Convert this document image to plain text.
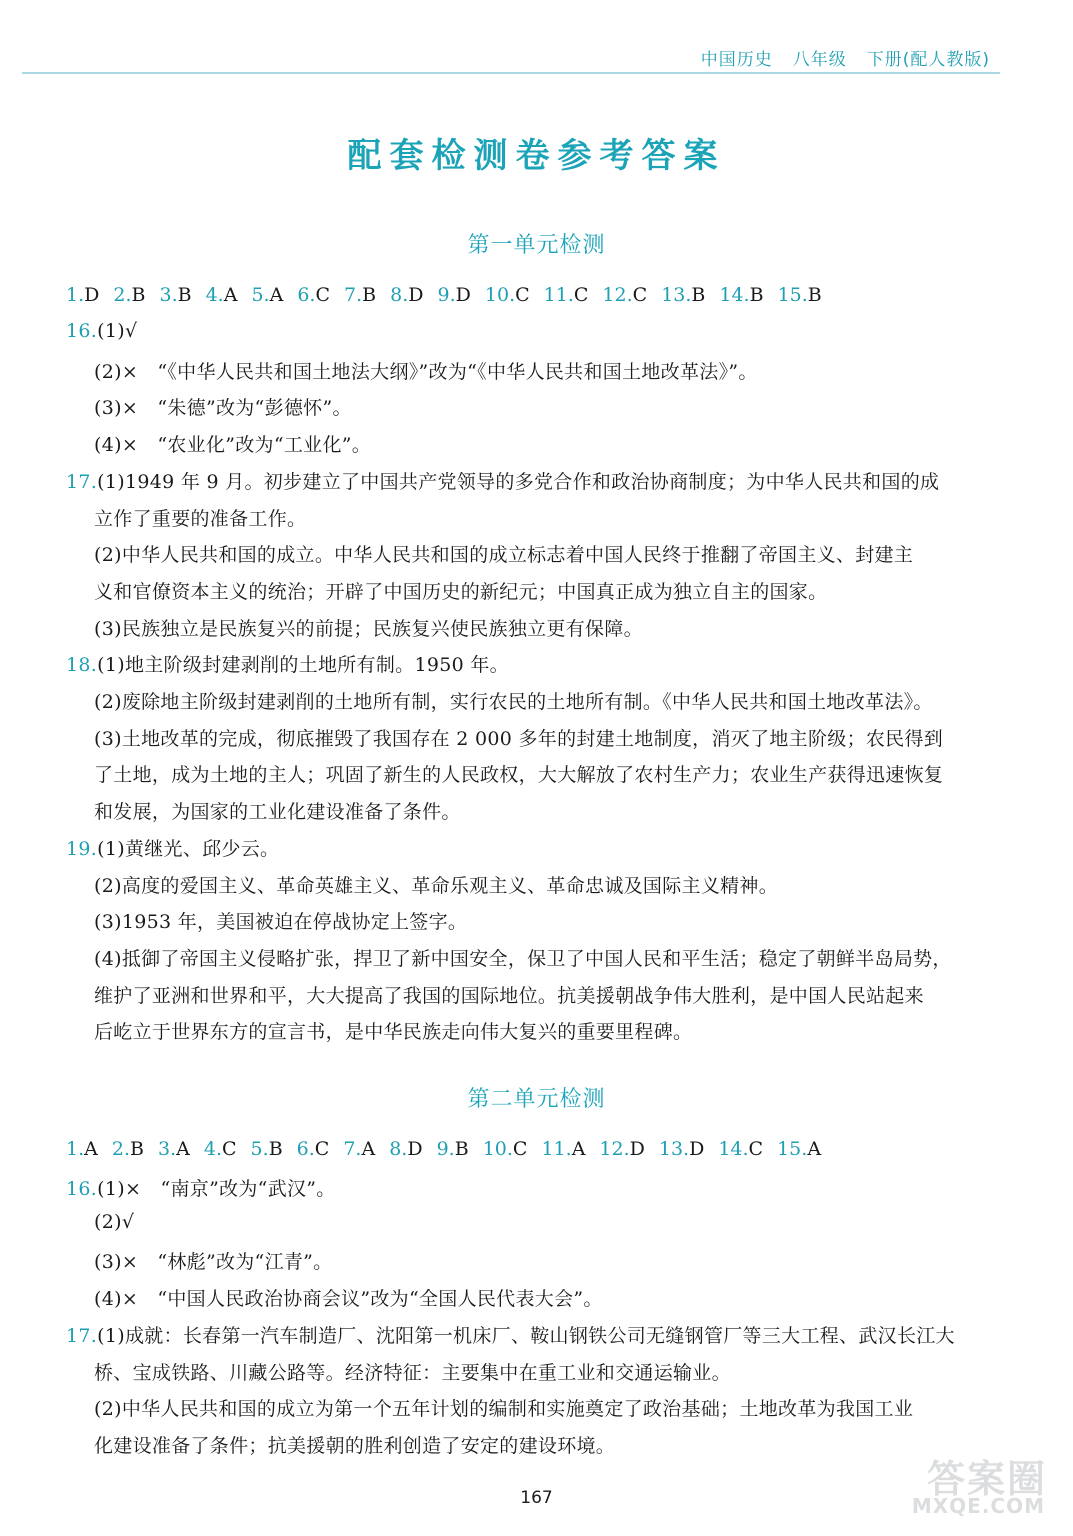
中国历史 八年级 下册(配人教版)
配套检测卷参考答案
第一单元检测
1.D 2.B 3.B 4.A 5.A 6.C 7.B 8.D 9.D 10.C 11.C 12.C 13.B 14.B 15.B
16.(1)√
(2)×　“《中华人民共和国土地法大纲》”改为“《中华人民共和国土地改革法》”。
(3)×　“朱德”改为“彭德怀”。
(4)×　“农业化”改为“工业化”。
17.(1)1949 年 9 月。初步建立了中国共产党领导的多党合作和政治协商制度；为中华人民共和国的成
立作了重要的准备工作。
(2)中华人民共和国的成立。中华人民共和国的成立标志着中国人民终于推翻了帝国主义、封建主
义和官僚资本主义的统治；开辟了中国历史的新纪元；中国真正成为独立自主的国家。
(3)民族独立是民族复兴的前提；民族复兴使民族独立更有保障。
18.(1)地主阶级封建剥削的土地所有制。1950 年。
(2)废除地主阶级封建剥削的土地所有制，实行农民的土地所有制。《中华人民共和国土地改革法》。
(3)土地改革的完成，彻底摧毁了我国存在 2 000 多年的封建土地制度，消灭了地主阶级；农民得到
了土地，成为土地的主人；巩固了新生的人民政权，大大解放了农村生产力；农业生产获得迅速恢复
和发展，为国家的工业化建设准备了条件。
19.(1)黄继光、邱少云。
(2)高度的爱国主义、革命英雄主义、革命乐观主义、革命忠诚及国际主义精神。
(3)1953 年，美国被迫在停战协定上签字。
(4)抵御了帝国主义侵略扩张，捍卫了新中国安全，保卫了中国人民和平生活；稳定了朝鲜半岛局势，
维护了亚洲和世界和平，大大提高了我国的国际地位。抗美援朝战争伟大胜利，是中国人民站起来
后屹立于世界东方的宣言书，是中华民族走向伟大复兴的重要里程碑。
第二单元检测
1.A 2.B 3.A 4.C 5.B 6.C 7.A 8.D 9.B 10.C 11.A 12.D 13.D 14.C 15.A
16.(1)×　“南京”改为“武汉”。
(2)√
(3)×　“林彪”改为“江青”。
(4)×　“中国人民政治协商会议”改为“全国人民代表大会”。
17.(1)成就：长春第一汽车制造厂、沈阳第一机床厂、鞍山钢铁公司无缝钢管厂等三大工程、武汉长江大
桥、宝成铁路、川藏公路等。经济特征：主要集中在重工业和交通运输业。
(2)中华人民共和国的成立为第一个五年计划的编制和实施奠定了政治基础；土地改革为我国工业
化建设准备了条件；抗美援朝的胜利创造了安定的建设环境。
167	答案圈
MXQE.COM
